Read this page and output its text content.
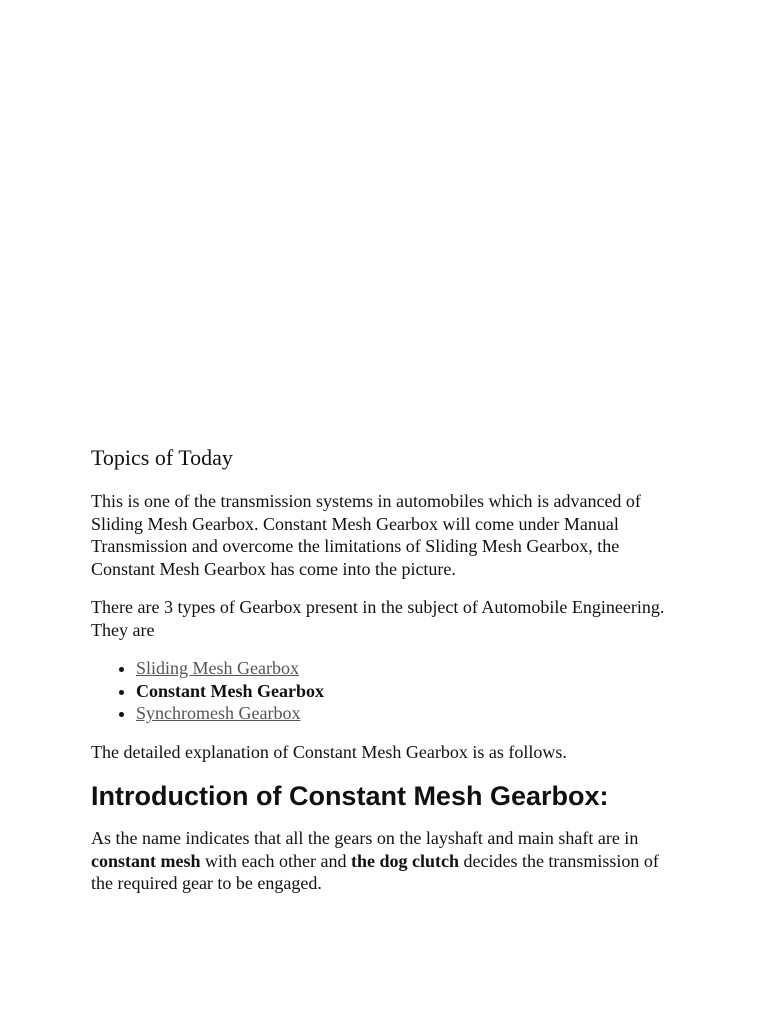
Topics of Today

This is one of the transmission systems in automobiles which is advanced of Sliding Mesh Gearbox. Constant Mesh Gearbox will come under Manual Transmission and overcome the limitations of Sliding Mesh Gearbox, the Constant Mesh Gearbox has come into the picture.

There are 3 types of Gearbox present in the subject of Automobile Engineering. They are

• Sliding Mesh Gearbox
• Constant Mesh Gearbox
• Synchromesh Gearbox

The detailed explanation of Constant Mesh Gearbox is as follows.

Introduction of Constant Mesh Gearbox:

As the name indicates that all the gears on the layshaft and main shaft are in constant mesh with each other and the dog clutch decides the transmission of the required gear to be engaged.
